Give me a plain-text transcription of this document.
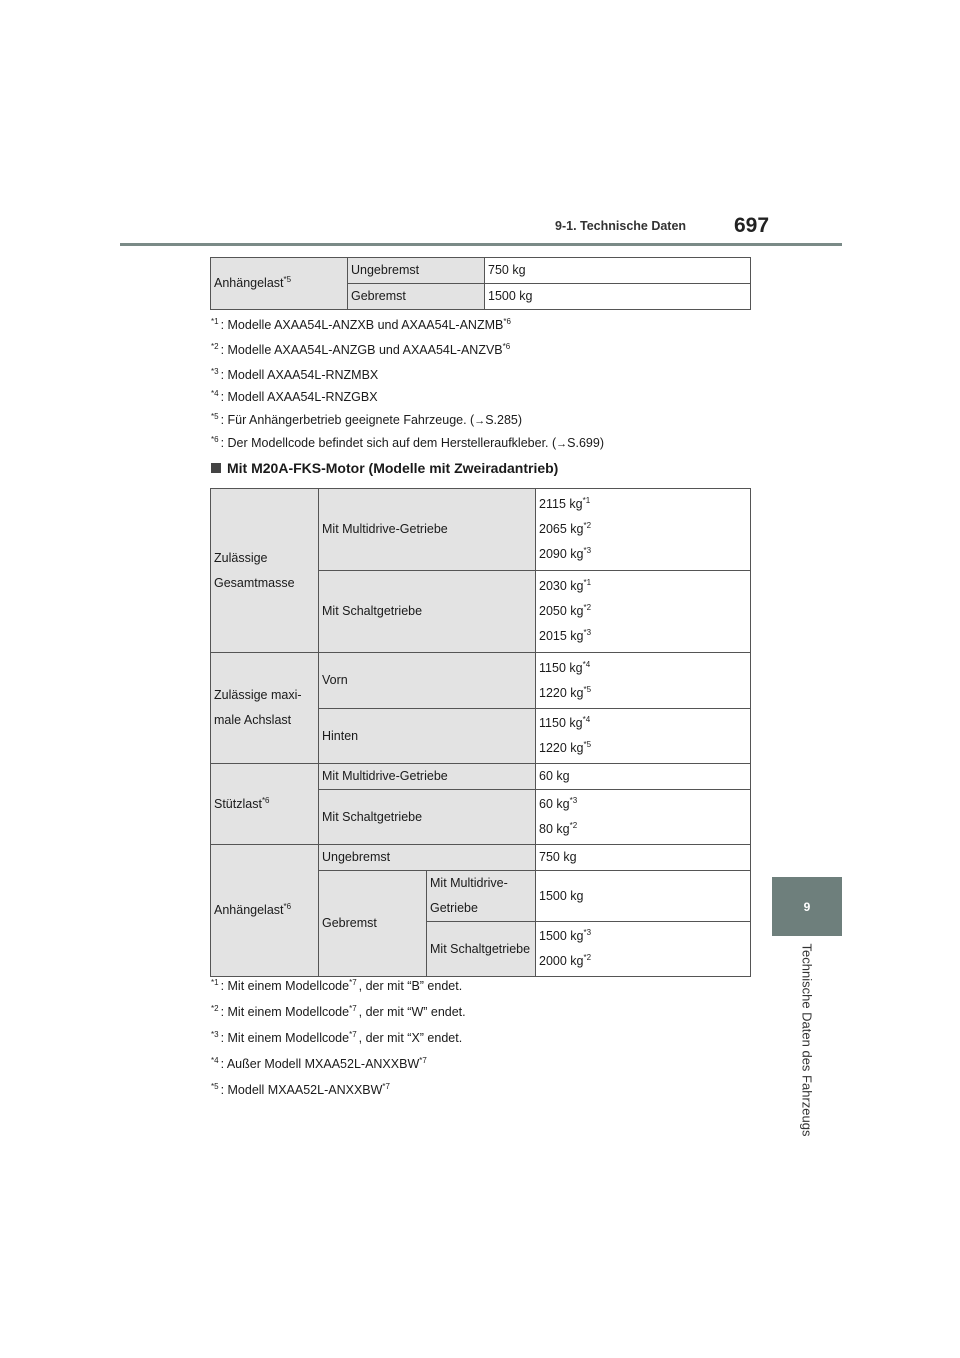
9-1. Technische Daten 697
9
Technische Daten des Fahrzeugs
Anhängelast$^{*5}$	Ungebremst	750 kg
	Gebremst	1500 kg
$^{*1}$ : Modelle AXAA54L-ANZXB und AXAA54L-ANZMB$^{*6}$
$^{*2}$ : Modelle AXAA54L-ANZGB und AXAA54L-ANZVB$^{*6}$
$^{*3}$ : Modell AXAA54L-RNZMBX
$^{*4}$ : Modell AXAA54L-RNZGBX
$^{*5}$ : Für Anhängerbetrieb geeignete Fahrzeuge. (→S.285)
$^{*6}$ : Der Modellcode befindet sich auf dem Herstelleraufkleber. (→S.699)
Mit M20A-FKS-Motor (Modelle mit Zweiradantrieb)
Zulässige
Gesamtmasse	Mit Multidrive-Getriebe		2115 $kg^{*1}$
2065 $kg^{*2}$
2090 $kg^{*3}$
	Mit Schaltgetriebe		2030 $kg^{*1}$
2050 $kg^{*2}$
2015 $kg^{*3}$
Zulässige maxi-
male Achslast	Vorn		1150 $kg^{*4}$
1220 $kg^{*5}$
	Hinten		1150 $kg^{*4}$
1220 $kg^{*5}$
Stützlast$^{*6}$	Mit Multidrive-Getriebe		60 kg
	Mit Schaltgetriebe		60 $kg^{*3}$
80 $kg^{*2}$
Anhängelast$^{*6}$	Ungebremst		750 kg
	Gebremst	Mit Multidrive-
Getriebe	1500 kg
		Mit Schaltgetriebe	1500 $kg^{*3}$
2000 $kg^{*2}$
$^{*1}$ : Mit einem Modellcode$^{*7}$ , der mit “B” endet.
$^{*2}$ : Mit einem Modellcode$^{*7}$ , der mit “W” endet.
$^{*3}$ : Mit einem Modellcode$^{*7}$ , der mit “X” endet.
$^{*4}$ : Außer Modell MXAA52L-ANXXBW$^{*7}$
$^{*5}$ : Modell MXAA52L-ANXXBW$^{*7}$
